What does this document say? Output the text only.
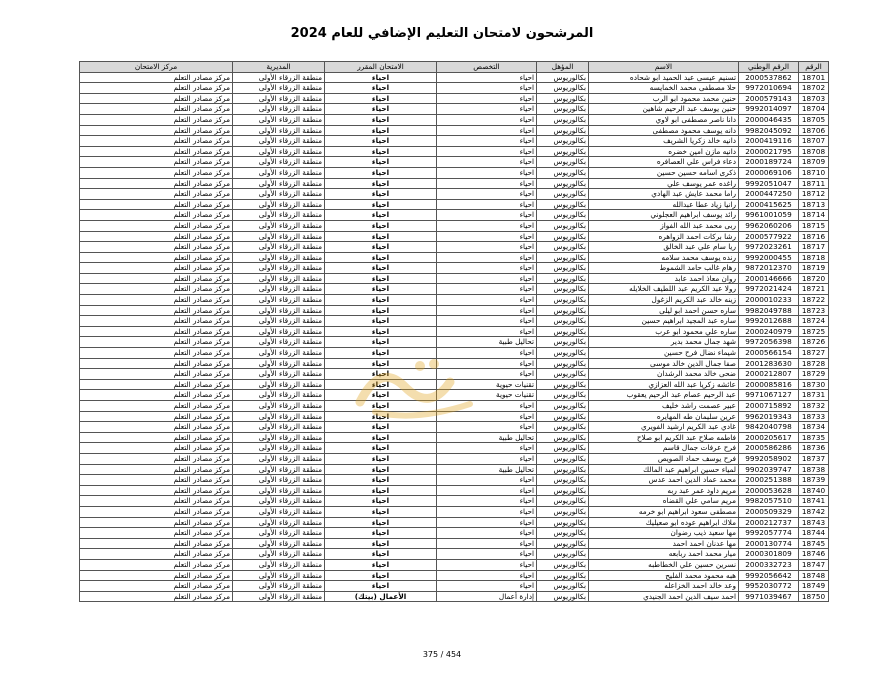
المرشحون لامتحان التعليم الإضافي للعام 2024
الرقم	الرقم الوطني	الاسم	المؤهل	التخصص	الامتحان المقرر	المديرية	مركز الامتحان
18701	2000537862	تسنيم عيسى عبد الحميد ابو شحاده	بكالوريوس	احياء	احياء	منطقة الزرقاء الأولى	مركز مصادر التعلم
18702	9972010694	حلا مصطفى محمد الخمايسه	بكالوريوس	احياء	احياء	منطقة الزرقاء الأولى	مركز مصادر التعلم
18703	2000579143	حنين محمد محمود ابو الرب	بكالوريوس	احياء	احياء	منطقة الزرقاء الأولى	مركز مصادر التعلم
18704	9992014097	حنين يوسف عبد الرحيم شاهين	بكالوريوس	احياء	احياء	منطقة الزرقاء الأولى	مركز مصادر التعلم
18705	2000046435	دانا ناصر مصطفى ابو لاوي	بكالوريوس	احياء	احياء	منطقة الزرقاء الأولى	مركز مصادر التعلم
18706	9982045092	دانه يوسف محمود مصطفى	بكالوريوس	احياء	احياء	منطقة الزرقاء الأولى	مركز مصادر التعلم
18707	2000419116	دانيه خالد زكريا الشريف	بكالوريوس	احياء	احياء	منطقة الزرقاء الأولى	مركز مصادر التعلم
18708	2000021795	دانيه مازن امين خضره	بكالوريوس	احياء	احياء	منطقة الزرقاء الأولى	مركز مصادر التعلم
18709	2000189724	دعاء فراس علي العصافره	بكالوريوس	احياء	احياء	منطقة الزرقاء الأولى	مركز مصادر التعلم
18710	2000069106	ذكرى اسامه حسين حسين	بكالوريوس	احياء	احياء	منطقة الزرقاء الأولى	مركز مصادر التعلم
18711	9992051047	راغده عمر يوسف علي	بكالوريوس	احياء	احياء	منطقة الزرقاء الأولى	مركز مصادر التعلم
18712	2000447250	راما محمد عايش عبد الهادي	بكالوريوس	احياء	احياء	منطقة الزرقاء الأولى	مركز مصادر التعلم
18713	2000415625	رانيا زياد عطا عبدالله	بكالوريوس	احياء	احياء	منطقة الزرقاء الأولى	مركز مصادر التعلم
18714	9961001059	رائد يوسف ابراهيم العجلوني	بكالوريوس	احياء	احياء	منطقة الزرقاء الأولى	مركز مصادر التعلم
18715	9962060206	ربى محمد عبد الله الفواز	بكالوريوس	احياء	احياء	منطقة الزرقاء الأولى	مركز مصادر التعلم
18716	2000577922	رشا بركات احمد الزواهره	بكالوريوس	احياء	احياء	منطقة الزرقاء الأولى	مركز مصادر التعلم
18717	9972023261	ريا سام علي عبد الخالق	بكالوريوس	احياء	احياء	منطقة الزرقاء الأولى	مركز مصادر التعلم
18718	9992000455	رنده يوسف محمد سلامه	بكالوريوس	احياء	احياء	منطقة الزرقاء الأولى	مركز مصادر التعلم
18719	9872012370	رهام غالب حامد الشموط	بكالوريوس	احياء	احياء	منطقة الزرقاء الأولى	مركز مصادر التعلم
18720	2000146666	روان معاذ احمد عابد	بكالوريوس	احياء	احياء	منطقة الزرقاء الأولى	مركز مصادر التعلم
18721	9972021424	رولا عبد الكريم عبد اللطيف الخلايله	بكالوريوس	احياء	احياء	منطقة الزرقاء الأولى	مركز مصادر التعلم
18722	2000010233	زينه خالد عبد الكريم الزغول	بكالوريوس	احياء	احياء	منطقة الزرقاء الأولى	مركز مصادر التعلم
18723	9982049788	ساره حسن احمد ابو ليلى	بكالوريوس	احياء	احياء	منطقة الزرقاء الأولى	مركز مصادر التعلم
18724	9992012688	ساره عبد المجيد ابراهيم حسين	بكالوريوس	احياء	احياء	منطقة الزرقاء الأولى	مركز مصادر التعلم
18725	2000240979	ساره علي محمود ابو عرب	بكالوريوس	احياء	احياء	منطقة الزرقاء الأولى	مركز مصادر التعلم
18726	9972056398	شهد جمال محمد بدير	بكالوريوس	تحاليل طبية	احياء	منطقة الزرقاء الأولى	مركز مصادر التعلم
18727	2000566154	شيماء نضال فرح حسين	بكالوريوس	احياء	احياء	منطقة الزرقاء الأولى	مركز مصادر التعلم
18728	2001283630	صفا جمال الدين خالد موسى	بكالوريوس	احياء	احياء	منطقة الزرقاء الأولى	مركز مصادر التعلم
18729	2000212807	ضحى خالد محمد الرشدان	بكالوريوس	احياء	احياء	منطقة الزرقاء الأولى	مركز مصادر التعلم
18730	2000085816	عائشه زكريا عبد الله العزازي	بكالوريوس	تقنيات حيوية	احياء	منطقة الزرقاء الأولى	مركز مصادر التعلم
18731	9971067127	عبد الرحيم عصام عبد الرحيم يعقوب	بكالوريوس	تقنيات حيوية	احياء	منطقة الزرقاء الأولى	مركز مصادر التعلم
18732	2000715892	عبير عصمت راشد خليف	بكالوريوس	احياء	احياء	منطقة الزرقاء الأولى	مركز مصادر التعلم
18733	9962019343	عرين سليمان طه المهايره	بكالوريوس	احياء	احياء	منطقة الزرقاء الأولى	مركز مصادر التعلم
18734	9842040798	غادي عبد الكريم ارشيد الفويري	بكالوريوس	احياء	احياء	منطقة الزرقاء الأولى	مركز مصادر التعلم
18735	2000205617	فاطمه صلاح عبد الكريم ابو صلاح	بكالوريوس	تحاليل طبية	احياء	منطقة الزرقاء الأولى	مركز مصادر التعلم
18736	2000586286	فرح عرفات جمال قاسم	بكالوريوس	احياء	احياء	منطقة الزرقاء الأولى	مركز مصادر التعلم
18737	9992058902	فرح يوسف حماد الصويص	بكالوريوس	احياء	احياء	منطقة الزرقاء الأولى	مركز مصادر التعلم
18738	9902039747	لمياء حسين ابراهيم عبد المالك	بكالوريوس	تحاليل طبية	احياء	منطقة الزرقاء الأولى	مركز مصادر التعلم
18739	2000251388	محمد عماد الدين احمد عدس	بكالوريوس	احياء	احياء	منطقة الزرقاء الأولى	مركز مصادر التعلم
18740	2000053628	مريم داود عمر عبد ربه	بكالوريوس	احياء	احياء	منطقة الزرقاء الأولى	مركز مصادر التعلم
18741	9982057510	مريم سامي علي القضاه	بكالوريوس	احياء	احياء	منطقة الزرقاء الأولى	مركز مصادر التعلم
18742	2000509329	مصطفى سعود ابراهيم ابو خرمه	بكالوريوس	احياء	احياء	منطقة الزرقاء الأولى	مركز مصادر التعلم
18743	2000212737	ملاك ابراهيم عوده ابو صعيليك	بكالوريوس	احياء	احياء	منطقة الزرقاء الأولى	مركز مصادر التعلم
18744	9992057774	مها سعيد ذيب رضوان	بكالوريوس	احياء	احياء	منطقة الزرقاء الأولى	مركز مصادر التعلم
18745	2000130774	مها عدنان احمد احمد	بكالوريوس	احياء	احياء	منطقة الزرقاء الأولى	مركز مصادر التعلم
18746	2000301809	ميار محمد احمد ربابعه	بكالوريوس	احياء	احياء	منطقة الزرقاء الأولى	مركز مصادر التعلم
18747	2000332723	نسرين حسين علي الخطاطبه	بكالوريوس	احياء	احياء	منطقة الزرقاء الأولى	مركز مصادر التعلم
18748	9992056642	هبه محمود محمد الفليح	بكالوريوس	احياء	احياء	منطقة الزرقاء الأولى	مركز مصادر التعلم
18749	9952030772	وعد خالد احمد الخزاعله	بكالوريوس	احياء	احياء	منطقة الزرقاء الأولى	مركز مصادر التعلم
18750	9971039467	احمد سيف الدين احمد الجنيدي	بكالوريوس	إدارة أعمال	الأعمال (بيتك)	منطقة الزرقاء الأولى	مركز مصادر التعلم
375 / 454
